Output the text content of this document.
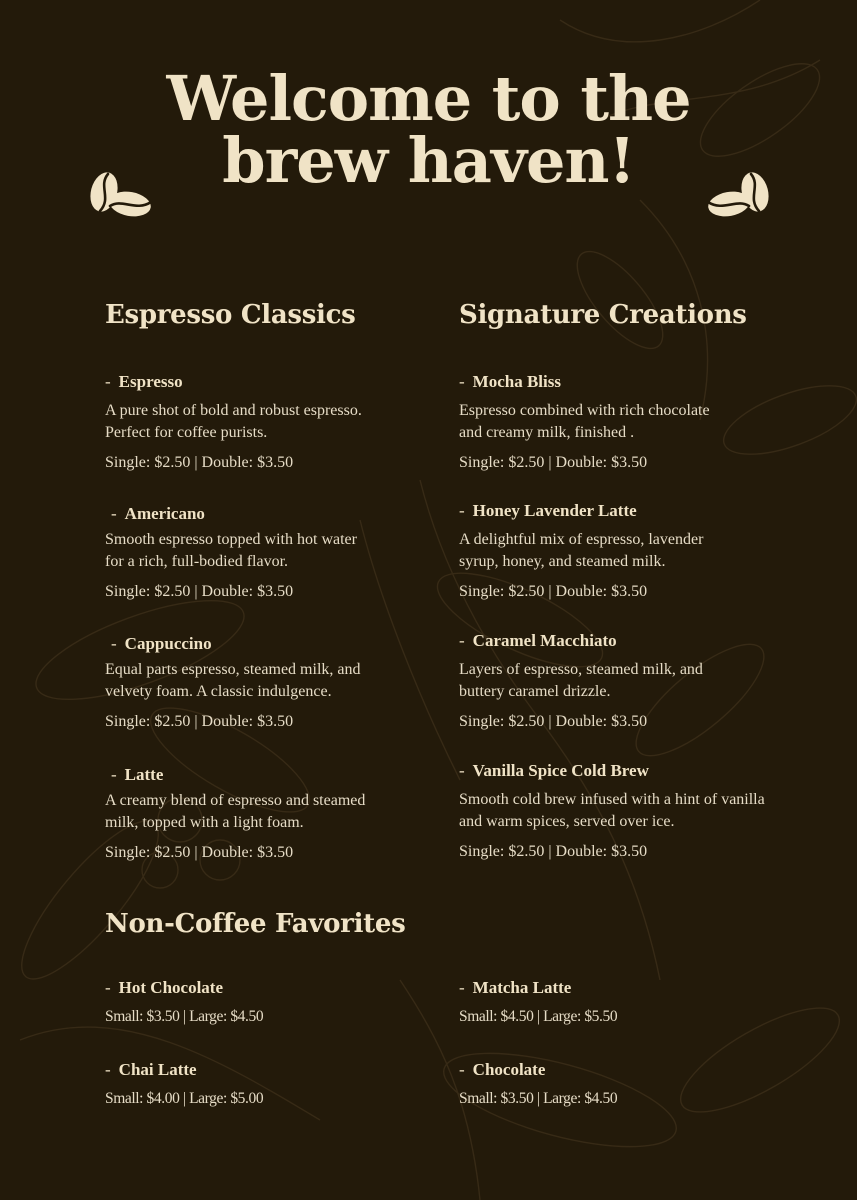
Welcome to the
brew haven!
Espresso Classics
- Espresso
A pure shot of bold and robust espresso.
Perfect for coffee purists.
Single: $2.50 | Double: $3.50
- Americano
Smooth espresso topped with hot water
for a rich, full-bodied flavor.
Single: $2.50 | Double: $3.50
- Cappuccino
Equal parts espresso, steamed milk, and
velvety foam. A classic indulgence.
Single: $2.50 | Double: $3.50
- Latte
A creamy blend of espresso and steamed
milk, topped with a light foam.
Single: $2.50 | Double: $3.50
Signature Creations
- Mocha Bliss
Espresso combined with rich chocolate
and creamy milk, finished .
Single: $2.50 | Double: $3.50
- Honey Lavender Latte
A delightful mix of espresso, lavender
syrup, honey, and steamed milk.
Single: $2.50 | Double: $3.50
- Caramel Macchiato
Layers of espresso, steamed milk, and
buttery caramel drizzle.
Single: $2.50 | Double: $3.50
- Vanilla Spice Cold Brew
Smooth cold brew infused with a hint of vanilla
and warm spices, served over ice.
Single: $2.50 | Double: $3.50
Non-Coffee Favorites
- Hot Chocolate
Small: $3.50 | Large: $4.50
- Matcha Latte
Small: $4.50 | Large: $5.50
- Chai Latte
Small: $4.00 | Large: $5.00
- Chocolate
Small: $3.50 | Large: $4.50
